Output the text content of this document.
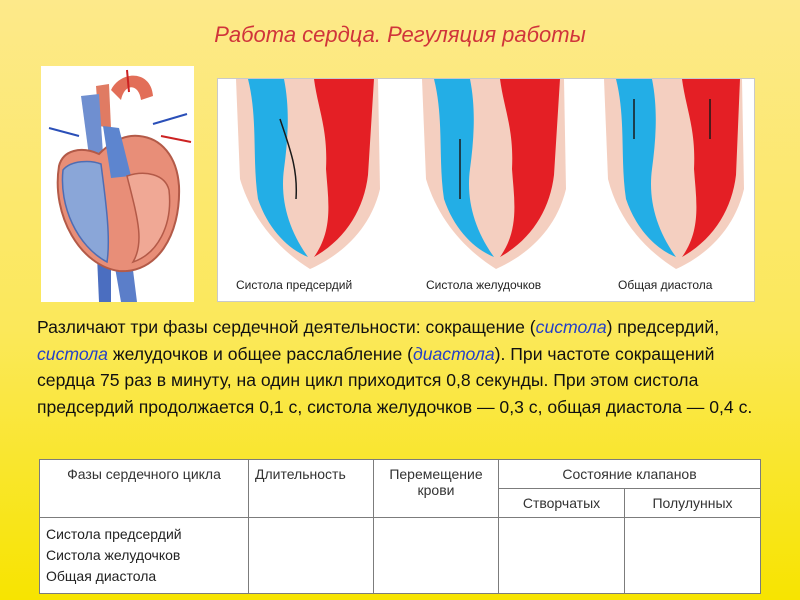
Работа сердца. Регуляция работы
Систола предсердий	Систола желудочков	Общая диастола
Различают три фазы сердечной деятельности: сокращение (систола) предсердий, систола желудочков и общее расслабление (диастола). При частоте сокращений сердца 75 раз в минуту, на один цикл приходится 0,8 секунды. При этом систола предсердий продолжается 0,1 с, систола желудочков — 0,3 с, общая диастола — 0,4 с.
Фазы сердечного цикла	Длительность	Перемещение крови	Состояние клапанов	
			Створчатых	Полулунных

Систола предсердий
Систола желудочков
Общая диастола				
